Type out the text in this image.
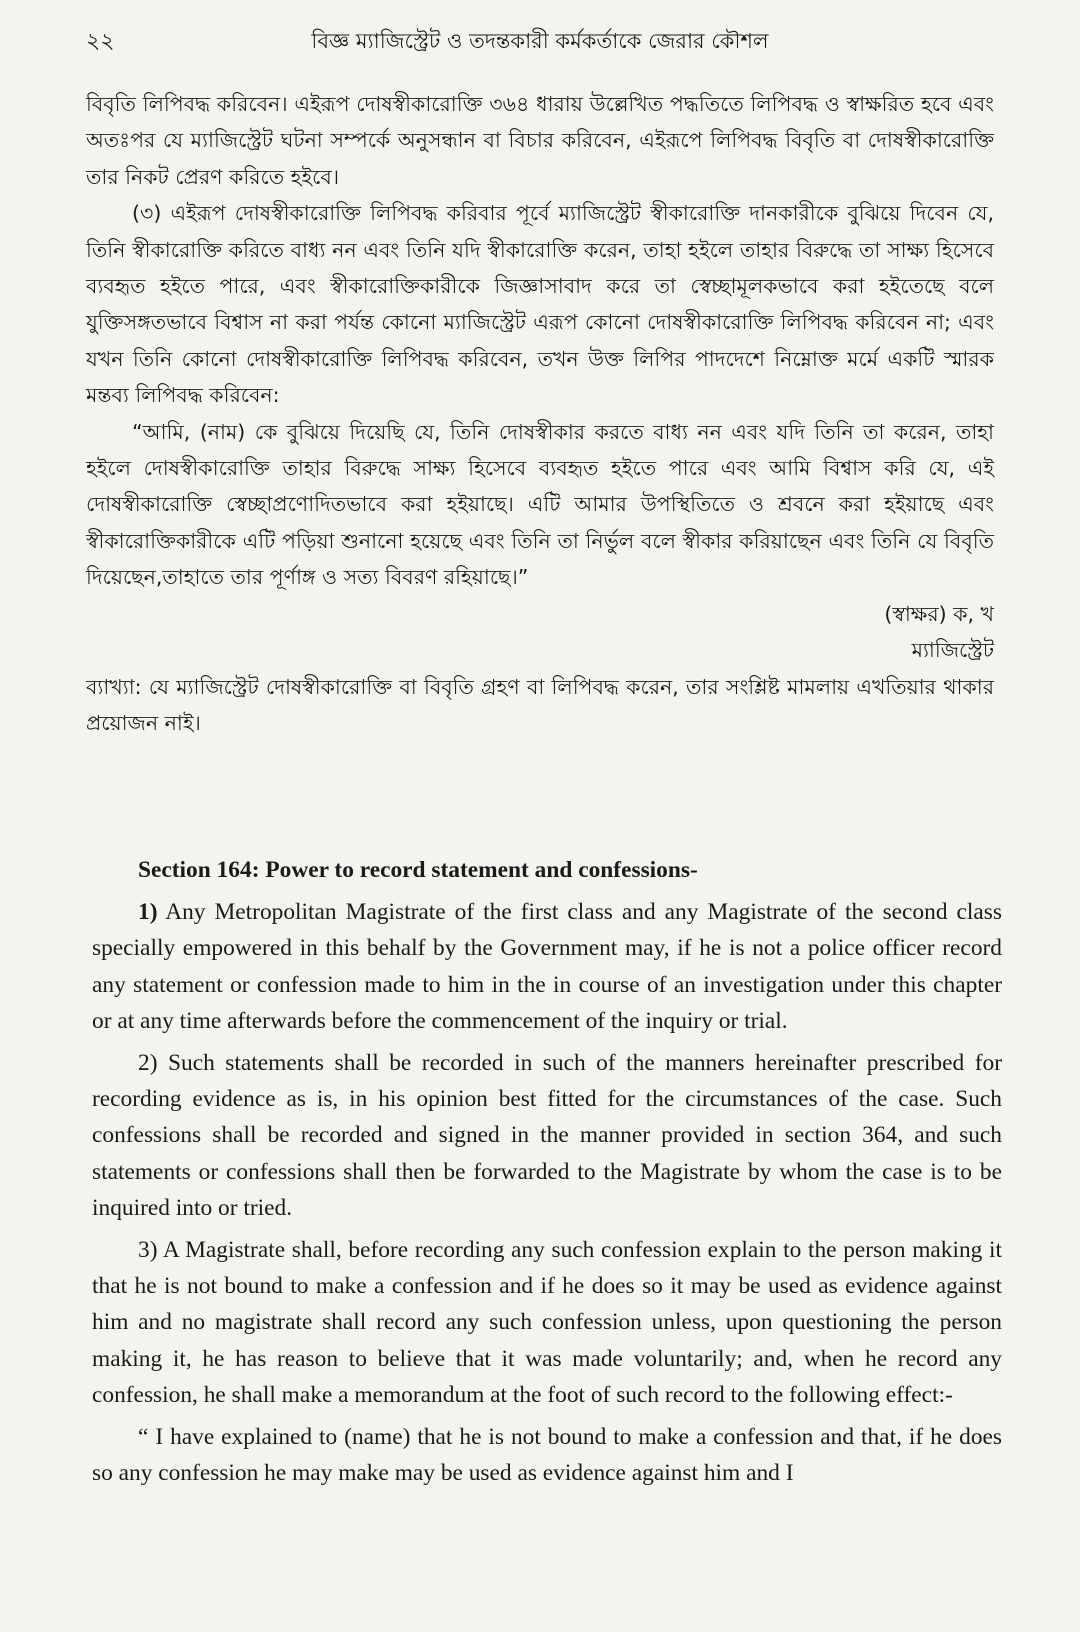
২২	বিজ্ঞ ম্যাজিস্ট্রেট ও তদন্তকারী কর্মকর্তাকে জেরার কৌশল

বিবৃতি লিপিবদ্ধ করিবেন। এইরূপ দোষস্বীকারোক্তি ৩৬৪ ধারায় উল্লেখিত পদ্ধতিতে লিপিবদ্ধ ও স্বাক্ষরিত হবে এবং অতঃপর যে ম্যাজিস্ট্রেট ঘটনা সম্পর্কে অনুসন্ধান বা বিচার করিবেন, এইরূপে লিপিবদ্ধ বিবৃতি বা দোষস্বীকারোক্তি তার নিকট প্রেরণ করিতে হইবে।

(৩) এইরূপ দোষস্বীকারোক্তি লিপিবদ্ধ করিবার পূর্বে ম্যাজিস্ট্রেট স্বীকারোক্তি দানকারীকে বুঝিয়ে দিবেন যে, তিনি স্বীকারোক্তি করিতে বাধ্য নন এবং তিনি যদি স্বীকারোক্তি করেন, তাহা হইলে তাহার বিরুদ্ধে তা সাক্ষ্য হিসেবে ব্যবহৃত হইতে পারে, এবং স্বীকারোক্তিকারীকে জিজ্ঞাসাবাদ করে তা স্বেচ্ছামূলকভাবে করা হইতেছে বলে যুক্তিসঙ্গতভাবে বিশ্বাস না করা পর্যন্ত কোনো ম্যাজিস্ট্রেট এরূপ কোনো দোষস্বীকারোক্তি লিপিবদ্ধ করিবেন না; এবং যখন তিনি কোনো দোষস্বীকারোক্তি লিপিবদ্ধ করিবেন, তখন উক্ত লিপির পাদদেশে নিম্নোক্ত মর্মে একটি স্মারক মন্তব্য লিপিবদ্ধ করিবেন:

“আমি, (নাম) কে বুঝিয়ে দিয়েছি যে, তিনি দোষস্বীকার করতে বাধ্য নন এবং যদি তিনি তা করেন, তাহা হইলে দোষস্বীকারোক্তি তাহার বিরুদ্ধে সাক্ষ্য হিসেবে ব্যবহৃত হইতে পারে এবং আমি বিশ্বাস করি যে, এই দোষস্বীকারোক্তি স্বেচ্ছাপ্রণোদিতভাবে করা হইয়াছে। এটি আমার উপস্থিতিতে ও শ্রবনে করা হইয়াছে এবং স্বীকারোক্তিকারীকে এটি পড়িয়া শুনানো হয়েছে এবং তিনি তা নির্ভুল বলে স্বীকার করিয়াছেন এবং তিনি যে বিবৃতি দিয়েছেন,তাহাতে তার পূর্ণাঙ্গ ও সত্য বিবরণ রহিয়াছে।”

(স্বাক্ষর) ক, খ

ম্যাজিস্ট্রেট

ব্যাখ্যা: যে ম্যাজিস্ট্রেট দোষস্বীকারোক্তি বা বিবৃতি গ্রহণ বা লিপিবদ্ধ করেন, তার সংশ্লিষ্ট মামলায় এখতিয়ার থাকার প্রয়োজন নাই।

Section 164: Power to record statement and confessions-

1) Any Metropolitan Magistrate of the first class and any Magistrate of the second class specially empowered in this behalf by the Government may, if he is not a police officer record any statement or confession made to him in the in course of an investigation under this chapter or at any time afterwards before the commencement of the inquiry or trial.

2) Such statements shall be recorded in such of the manners hereinafter prescribed for recording evidence as is, in his opinion best fitted for the circumstances of the case. Such confessions shall be recorded and signed in the manner provided in section 364, and such statements or confessions shall then be forwarded to the Magistrate by whom the case is to be inquired into or tried.

3) A Magistrate shall, before recording any such confession explain to the person making it that he is not bound to make a confession and if he does so it may be used as evidence against him and no magistrate shall record any such confession unless, upon questioning the person making it, he has reason to believe that it was made voluntarily; and, when he record any confession, he shall make a memorandum at the foot of such record to the following effect:-

“ I have explained to (name) that he is not bound to make a confession and that, if he does so any confession he may make may be used as evidence against him and I
